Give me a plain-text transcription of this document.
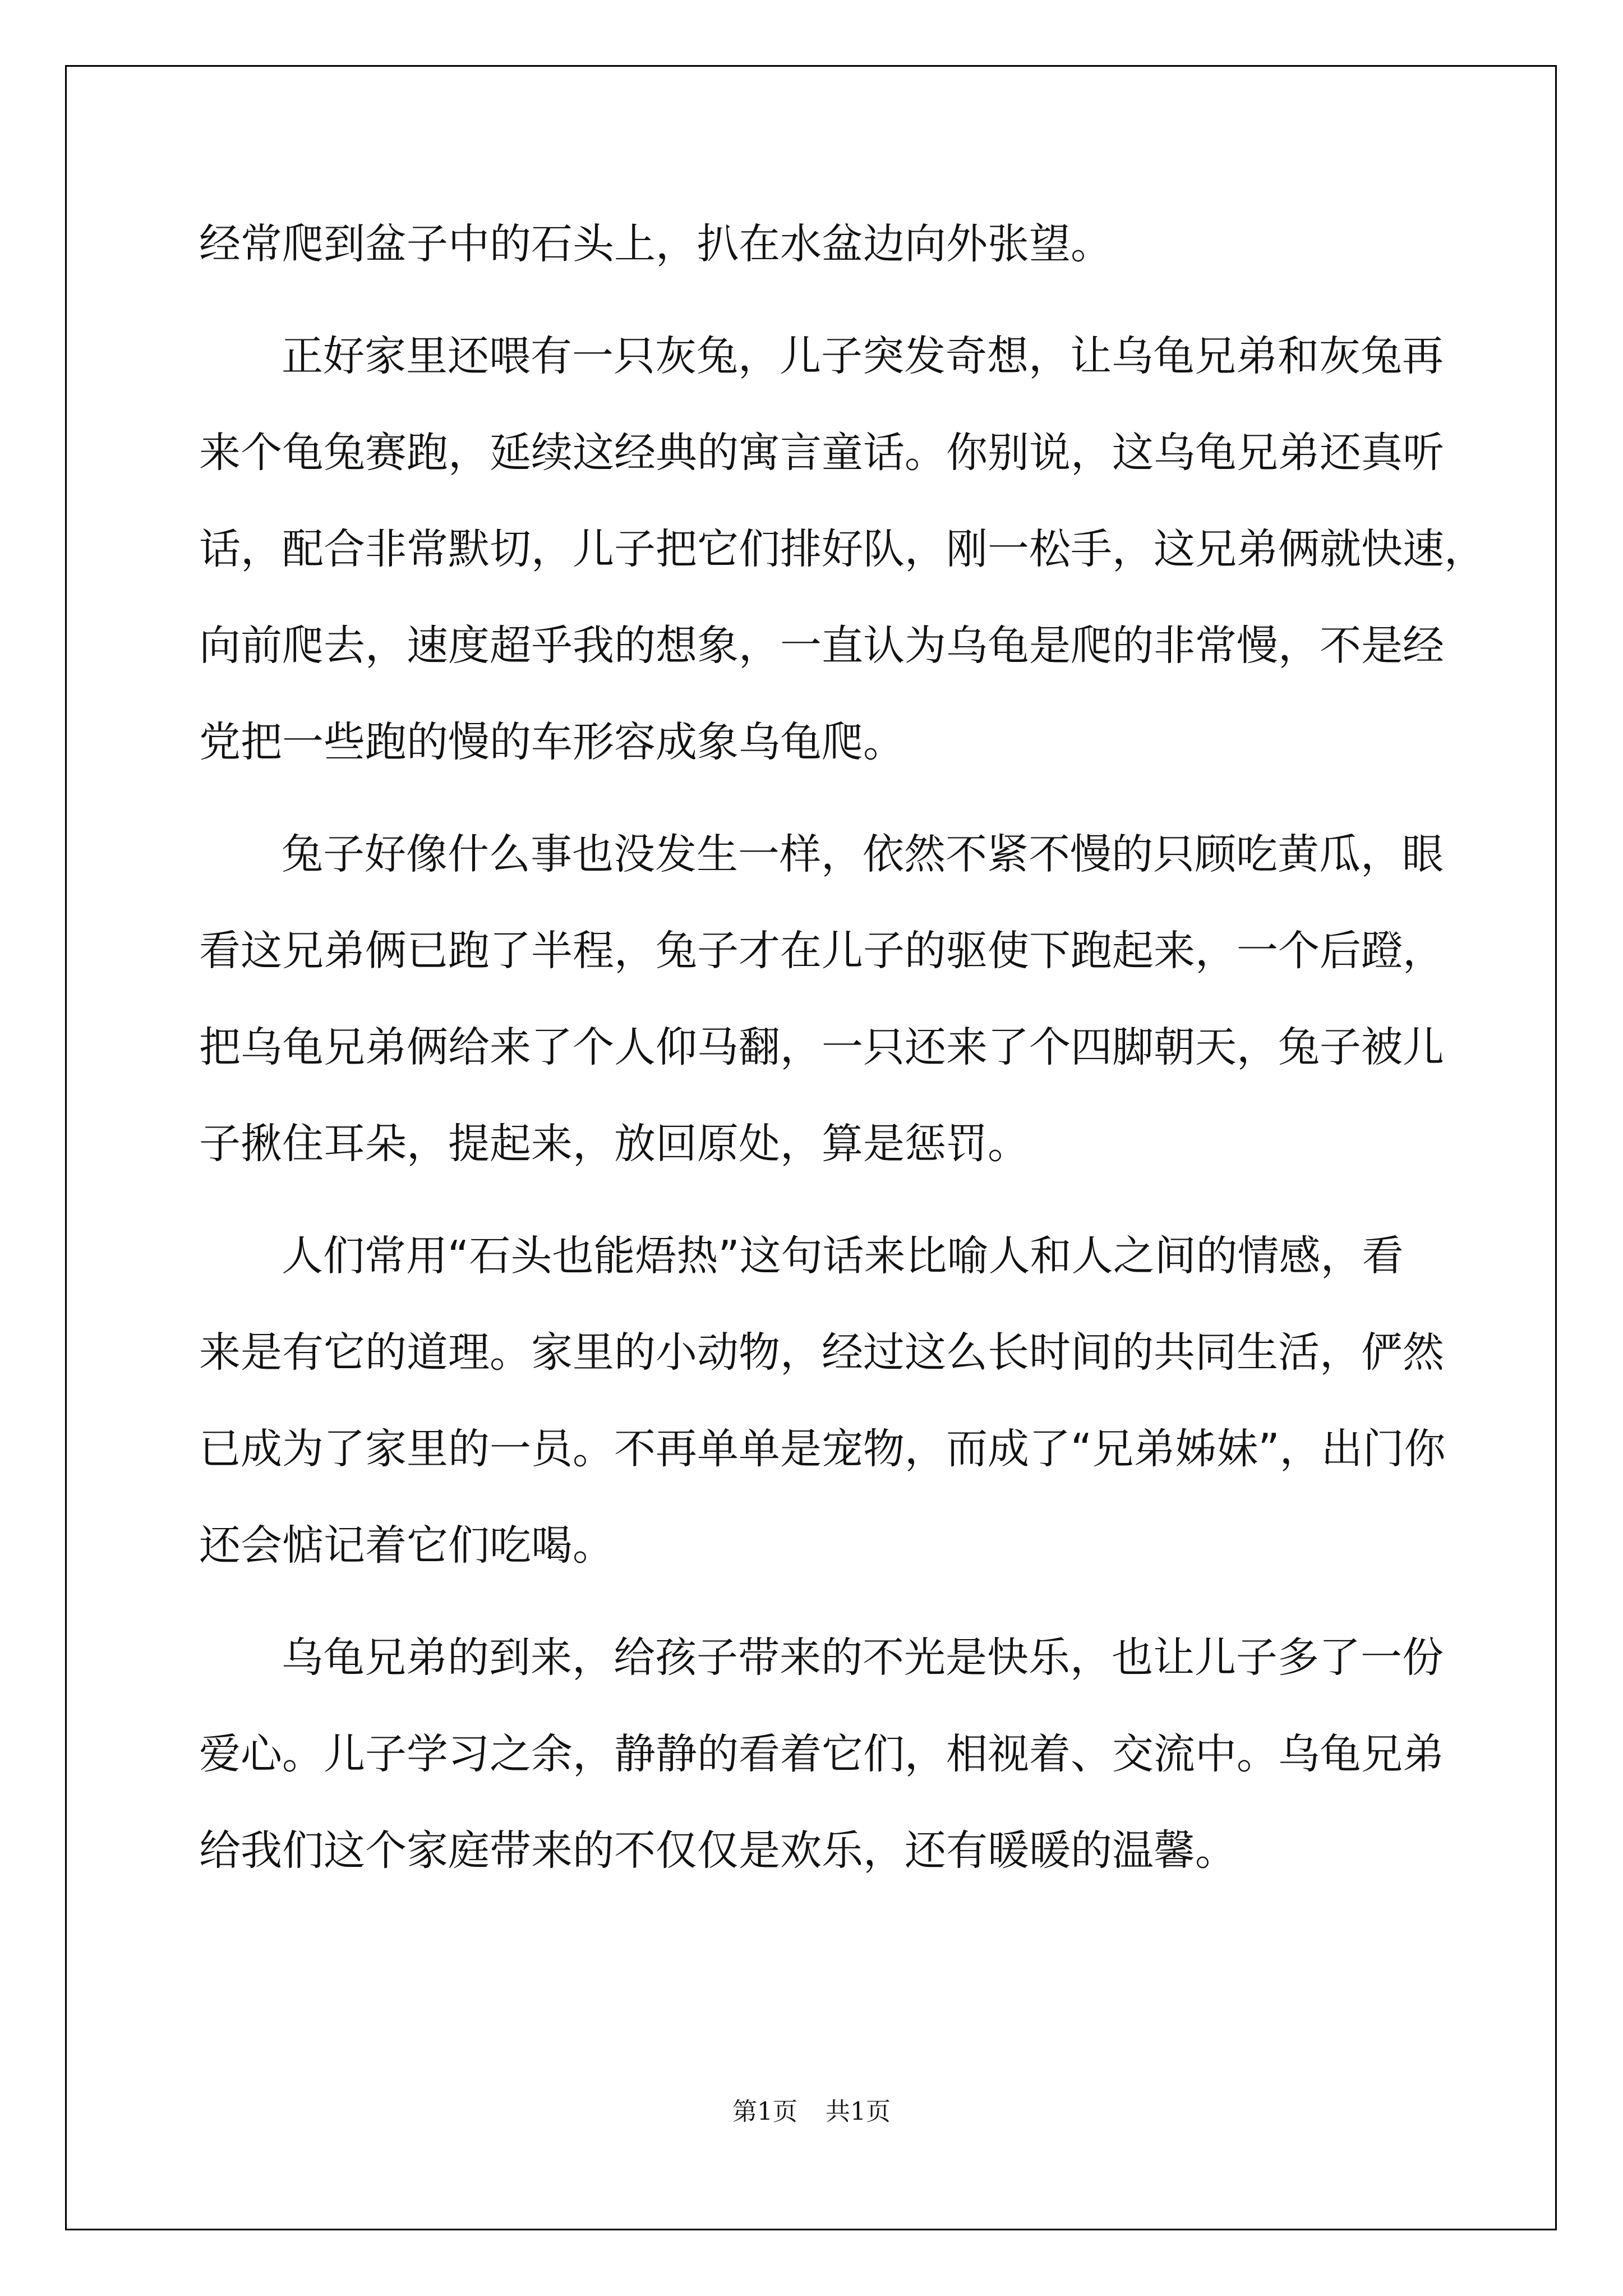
经常爬到盆子中的石头上，扒在水盆边向外张望。

正好家里还喂有一只灰兔，儿子突发奇想，让乌龟兄弟和灰兔再

来个龟兔赛跑，延续这经典的寓言童话。你别说，这乌龟兄弟还真听

话，配合非常默切，儿子把它们排好队，刚一松手，这兄弟俩就快速，

向前爬去，速度超乎我的想象，一直认为乌龟是爬的非常慢，不是经

党把一些跑的慢的车形容成象乌龟爬。

兔子好像什么事也没发生一样，依然不紧不慢的只顾吃黄瓜，眼

看这兄弟俩已跑了半程，兔子才在儿子的驱使下跑起来，一个后蹬，

把乌龟兄弟俩给来了个人仰马翻，一只还来了个四脚朝天，兔子被儿

子揪住耳朵，提起来，放回原处，算是惩罚。

人们常用“石头也能焐热”这句话来比喻人和人之间的情感，看

来是有它的道理。家里的小动物，经过这么长时间的共同生活，俨然

已成为了家里的一员。不再单单是宠物，而成了“兄弟姊妹”，出门你

还会惦记着它们吃喝。

乌龟兄弟的到来，给孩子带来的不光是快乐，也让儿子多了一份

爱心。儿子学习之余，静静的看着它们，相视着、交流中。乌龟兄弟

给我们这个家庭带来的不仅仅是欢乐，还有暖暖的温馨。

第1页 共1页
